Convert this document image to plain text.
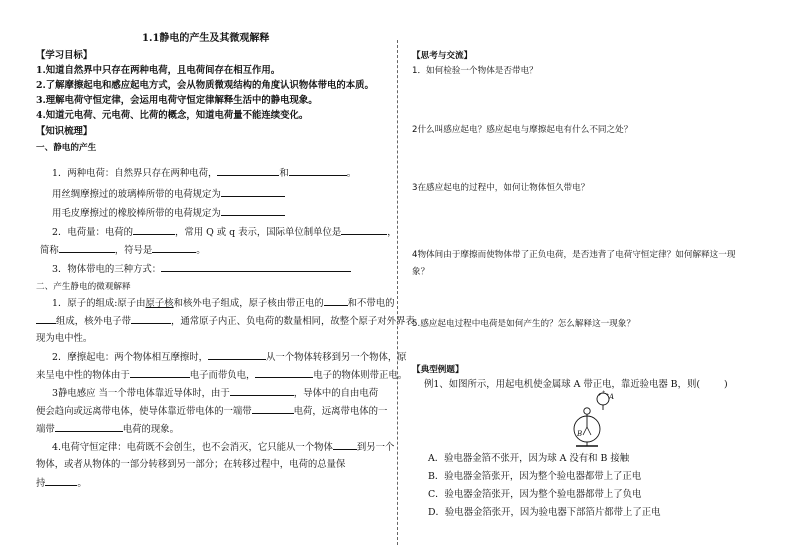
1.1静电的产生及其微观解释
【学习目标】
1.知道自然界中只存在两种电荷，且电荷间存在相互作用。
2.了解摩擦起电和感应起电方式，会从物质微观结构的角度认识物体带电的本质。
3.理解电荷守恒定律，会运用电荷守恒定律解释生活中的静电现象。
4.知道元电荷、元电荷、比荷的概念，知道电荷量不能连续变化。
【知识梳理】
一、静电的产生
1．两种电荷：自然界只存在两种电荷，	和	。
用丝绸摩擦过的玻璃棒所带的电荷规定为
用毛皮摩擦过的橡胶棒所带的电荷规定为
2．电荷量：电荷的	，常用 Q 或 q 表示，国际单位制单位是	，
简称	，符号是	。
3．物体带电的三种方式：
二、产生静电的微观解释
1．原子的组成:原子由原子核和核外电子组成，原子核由带正电的	和不带电的
组成，核外电子带	，通常原子内正、负电荷的数量相同，故整个原子对外界表
现为电中性。
2．摩擦起电：两个物体相互摩擦时，	从一个物体转移到另一个物体，原
来呈电中性的物体由于	电子而带负电，	电子的物体则带正电。
3静电感应 当一个带电体靠近导体时，由于	，导体中的自由电荷
便会趋向或远离带电体，使导体靠近带电体的一端带	电荷，远离带电体的一
端带	电荷的现象。
4.电荷守恒定律：电荷既不会创生，也不会消灭，它只能从一个物体	到另一个
物体，或者从物体的一部分转移到另一部分；在转移过程中，电荷的总量保
持	。
【思考与交流】
1．如何检验一个物体是否带电？
2什么叫感应起电？感应起电与摩擦起电有什么不同之处？
3在感应起电的过程中，如何让物体恒久带电？
4物体间由于摩擦而使物体带了正负电荷，是否违背了电荷守恒定律？如何解释这一现
象？
5.感应起电过程中电荷是如何产生的？怎么解释这一现象？
【典型例题】
例1、如图所示，用起电机使金属球 A 带正电，靠近验电器 B，则(	)
+
+
+ A
B
A．验电器金箔不张开，因为球 A 没有和 B 接触
B．验电器金箔张开，因为整个验电器都带上了正电
C．验电器金箔张开，因为整个验电器都带上了负电
D．验电器金箔张开，因为验电器下部箔片都带上了正电
